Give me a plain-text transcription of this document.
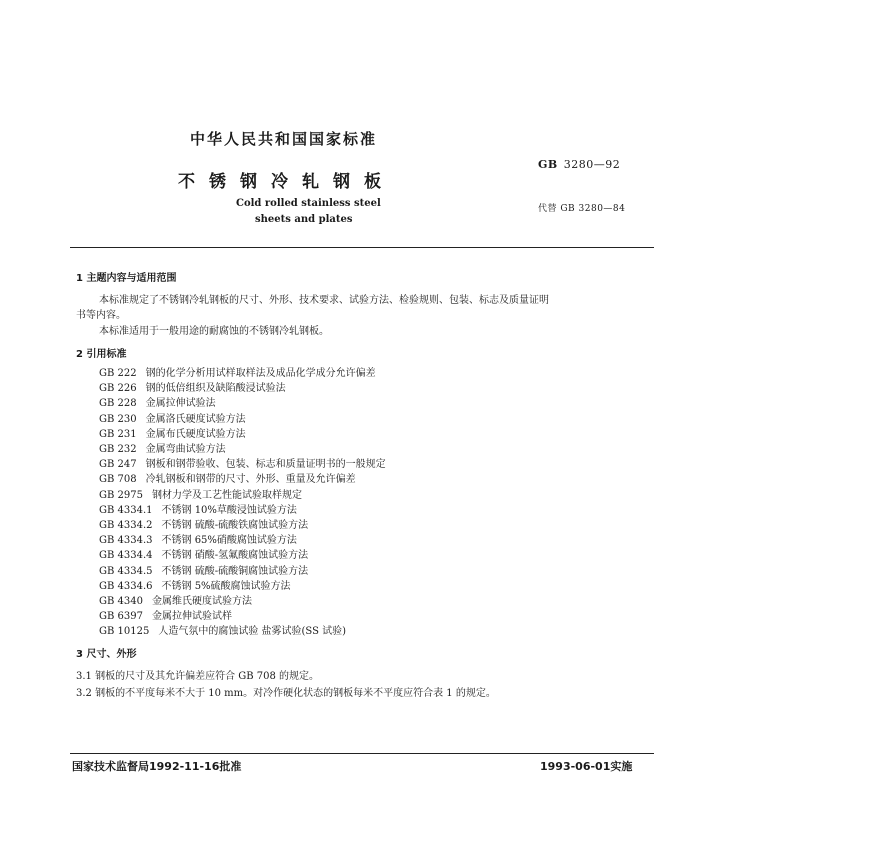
中华人民共和国国家标准
不锈钢冷轧钢板
Cold rolled stainless steel
sheets and plates
GB 3280—92
代替 GB 3280—84
1 主题内容与适用范围
本标准规定了不锈钢冷轧钢板的尺寸、外形、技术要求、试验方法、检验规则、包装、标志及质量证明
书等内容。
本标准适用于一般用途的耐腐蚀的不锈钢冷轧钢板。
2 引用标准
GB 222 钢的化学分析用试样取样法及成品化学成分允许偏差
GB 226 钢的低倍组织及缺陷酸浸试验法
GB 228 金属拉伸试验法
GB 230 金属洛氏硬度试验方法
GB 231 金属布氏硬度试验方法
GB 232 金属弯曲试验方法
GB 247 钢板和钢带验收、包装、标志和质量证明书的一般规定
GB 708 冷轧钢板和钢带的尺寸、外形、重量及允许偏差
GB 2975 钢材力学及工艺性能试验取样规定
GB 4334.1 不锈钢 10%草酸浸蚀试验方法
GB 4334.2 不锈钢 硫酸-硫酸铁腐蚀试验方法
GB 4334.3 不锈钢 65%硝酸腐蚀试验方法
GB 4334.4 不锈钢 硝酸-氢氟酸腐蚀试验方法
GB 4334.5 不锈钢 硫酸-硫酸铜腐蚀试验方法
GB 4334.6 不锈钢 5%硫酸腐蚀试验方法
GB 4340 金属维氏硬度试验方法
GB 6397 金属拉伸试验试样
GB 10125 人造气氛中的腐蚀试验 盐雾试验(SS 试验)
3 尺寸、外形
3.1 钢板的尺寸及其允许偏差应符合 GB 708 的规定。
3.2 钢板的不平度每米不大于 10 mm。对冷作硬化状态的钢板每米不平度应符合表 1 的规定。
国家技术监督局1992-11-16批准	1993-06-01实施
